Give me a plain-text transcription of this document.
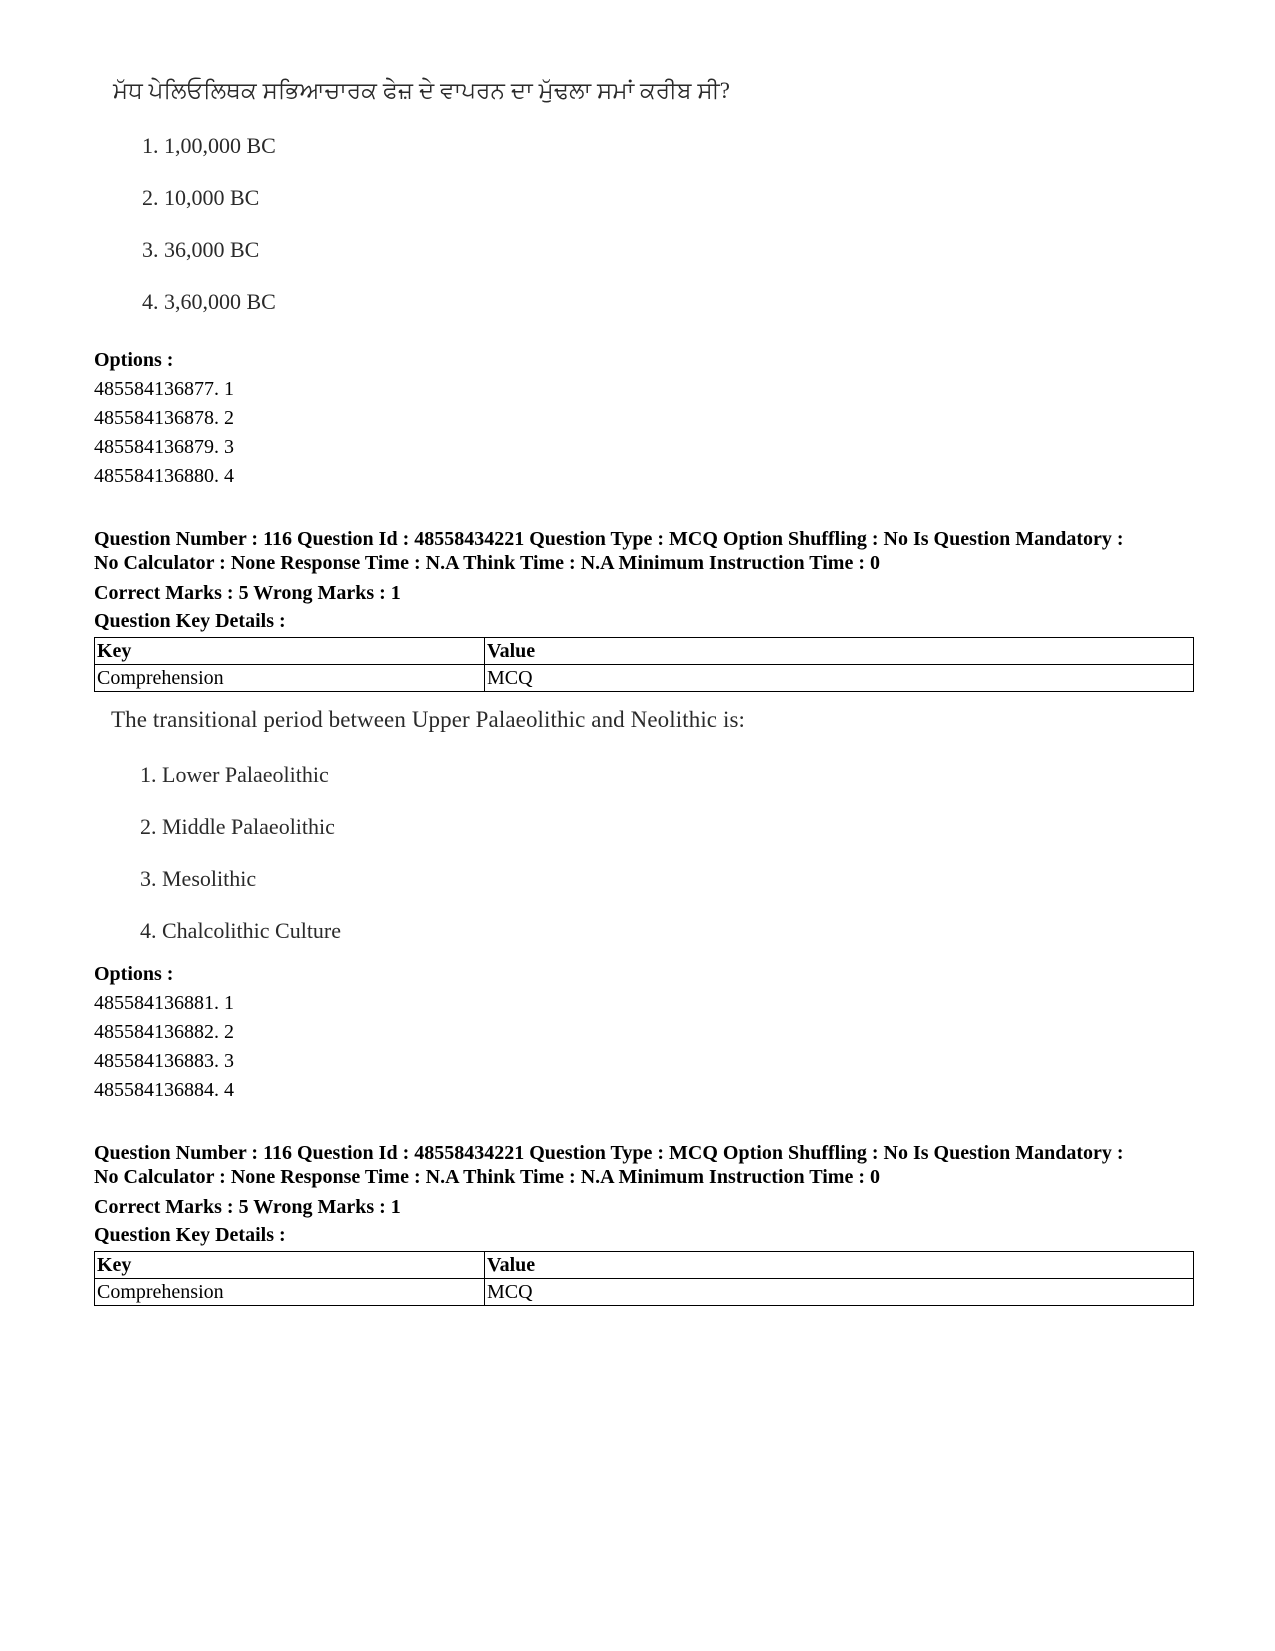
ਮੱਧ ਪੇਲਿਓਲਿਥਕ ਸਭਿਆਚਾਰਕ ਫੇਜ਼ ਦੇ ਵਾਪਰਨ ਦਾ ਮੁੱਢਲਾ ਸਮਾਂ ਕਰੀਬ ਸੀ?
1. 1,00,000 BC
2. 10,000 BC
3. 36,000 BC
4. 3,60,000 BC
Options :
485584136877. 1
485584136878. 2
485584136879. 3
485584136880. 4
Question Number : 116 Question Id : 48558434221 Question Type : MCQ Option Shuffling : No Is Question Mandatory :
No Calculator : None Response Time : N.A Think Time : N.A Minimum Instruction Time : 0
Correct Marks : 5 Wrong Marks : 1
Question Key Details :
Key	Value
Comprehension	MCQ
The transitional period between Upper Palaeolithic and Neolithic is:
1. Lower Palaeolithic
2. Middle Palaeolithic
3. Mesolithic
4. Chalcolithic Culture
Options :
485584136881. 1
485584136882. 2
485584136883. 3
485584136884. 4
Question Number : 116 Question Id : 48558434221 Question Type : MCQ Option Shuffling : No Is Question Mandatory :
No Calculator : None Response Time : N.A Think Time : N.A Minimum Instruction Time : 0
Correct Marks : 5 Wrong Marks : 1
Question Key Details :
Key	Value
Comprehension	MCQ
